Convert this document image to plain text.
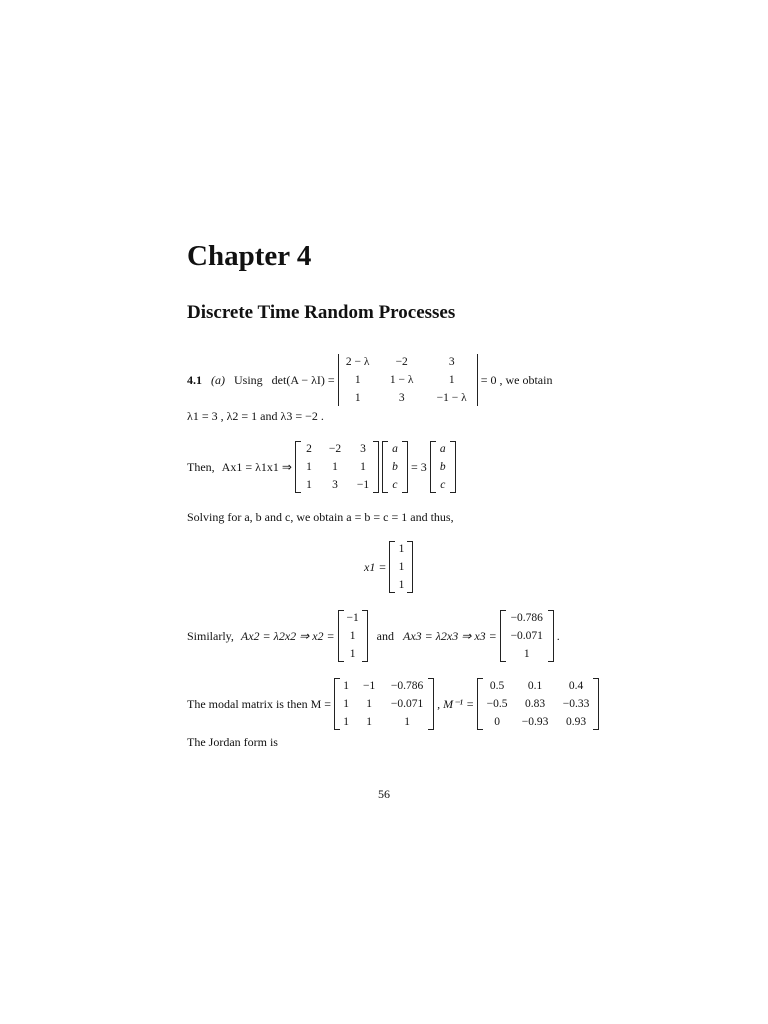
Chapter 4
Discrete Time Random Processes
4.1 (a) Using det(A − λI) =
2 − λ	−2	3
1	1 − λ	1
1	3	−1 − λ
= 0 , we obtain
λ1 = 3 , λ2 = 1 and λ3 = −2 .
Then, Ax1 = λ1x1 ⇒
2 −2	3
1	1	1
1	3	−1
a
b
c
= 3
a
b
c
Solving for a, b and c, we obtain a = b = c = 1 and thus,
x1 =
1
1
1
Similarly, Ax2 = λ2x2 ⇒ x2 =
−1
1
1
and Ax3 = λ2x3 ⇒ x3 =
−0.786
−0.071
1
.
The modal matrix is then M =
1 −1 −0.786
1	1	−0.071
1	1	1
, M⁻¹ =
0.5	0.1	0.4
−0.5	0.83	−0.33
0	−0.93	0.93
The Jordan form is
56
